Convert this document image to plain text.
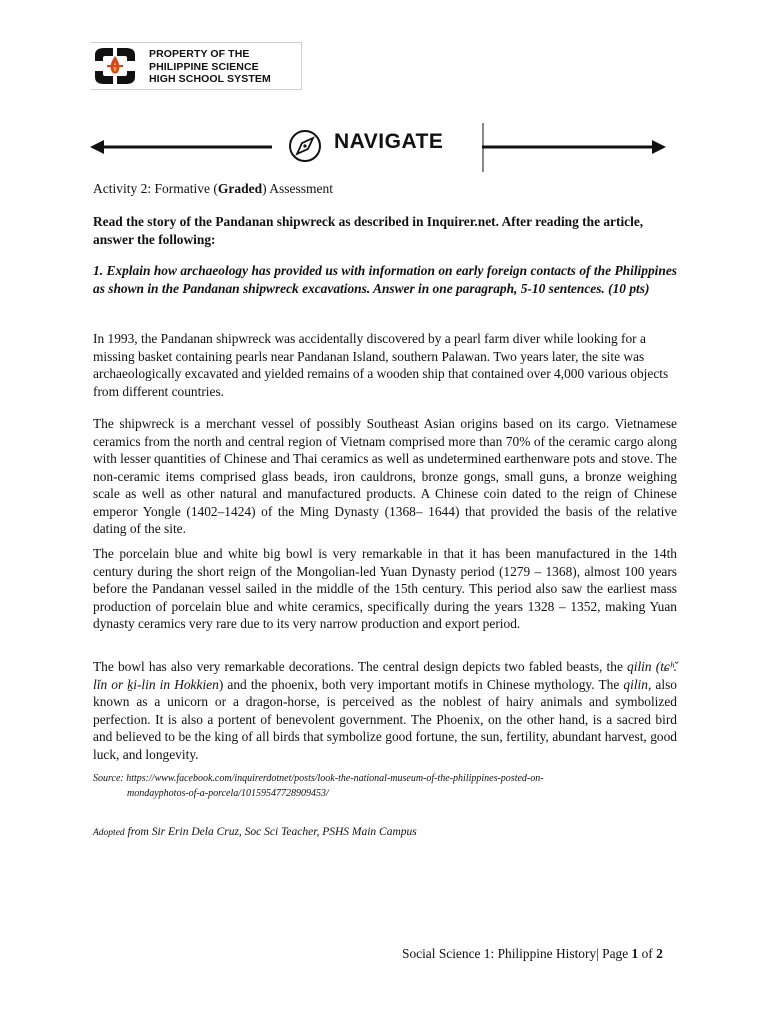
PROPERTY OF THE
PHILIPPINE SCIENCE
HIGH SCHOOL SYSTEM
NAVIGATE
Activity 2: Formative (Graded) Assessment
Read the story of the Pandanan shipwreck as described in Inquirer.net. After reading the article, answer the following:
1. Explain how archaeology has provided us with information on early foreign contacts of the Philippines as shown in the Pandanan shipwreck excavations. Answer in one paragraph, 5-10 sentences. (10 pts)
In 1993, the Pandanan shipwreck was accidentally discovered by a pearl farm diver while looking for a missing basket containing pearls near Pandanan Island, southern Palawan. Two years later, the site was archaeologically excavated and yielded remains of a wooden ship that contained over 4,000 various objects from different countries.
The shipwreck is a merchant vessel of possibly Southeast Asian origins based on its cargo. Vietnamese ceramics from the north and central region of Vietnam comprised more than 70% of the ceramic cargo along with lesser quantities of Chinese and Thai ceramics as well as undetermined earthenware pots and stove. The non-ceramic items comprised glass beads, iron cauldrons, bronze gongs, small guns, a bronze weighing scale as well as other natural and manufactured products. A Chinese coin dated to the reign of Chinese emperor Yongle (1402–1424) of the Ming Dynasty (1368– 1644) that provided the basis of the relative dating of the site.
The porcelain blue and white big bowl is very remarkable in that it has been manufactured in the 14th century during the short reign of the Mongolian-led Yuan Dynasty period (1279 – 1368), almost 100 years before the Pandanan vessel sailed in the middle of the 15th century. This period also saw the earliest mass production of porcelain blue and white ceramics, specifically during the years 1328 – 1352, making Yuan dynasty ceramics very rare due to its very narrow production and export period.
The bowl has also very remarkable decorations. The central design depicts two fabled beasts, the qilin (tɕʰ̌. lĭn or ḵi-lin in Hokkien) and the phoenix, both very important motifs in Chinese mythology. The qilin, also known as a unicorn or a dragon-horse, is perceived as the noblest of hairy animals and symbolized perfection. It is also a portent of benevolent government. The Phoenix, on the other hand, is a sacred bird and believed to be the king of all birds that symbolize good fortune, the sun, fertility, abundant harvest, good luck, and longevity.
Source: https://www.facebook.com/inquirerdotnet/posts/look-the-national-museum-of-the-philippines-posted-on-
mondayphotos-of-a-porcela/10159547728909453/
Adopted from Sir Erin Dela Cruz, Soc Sci Teacher, PSHS Main Campus
Social Science 1: Philippine History| Page 1 of 2
